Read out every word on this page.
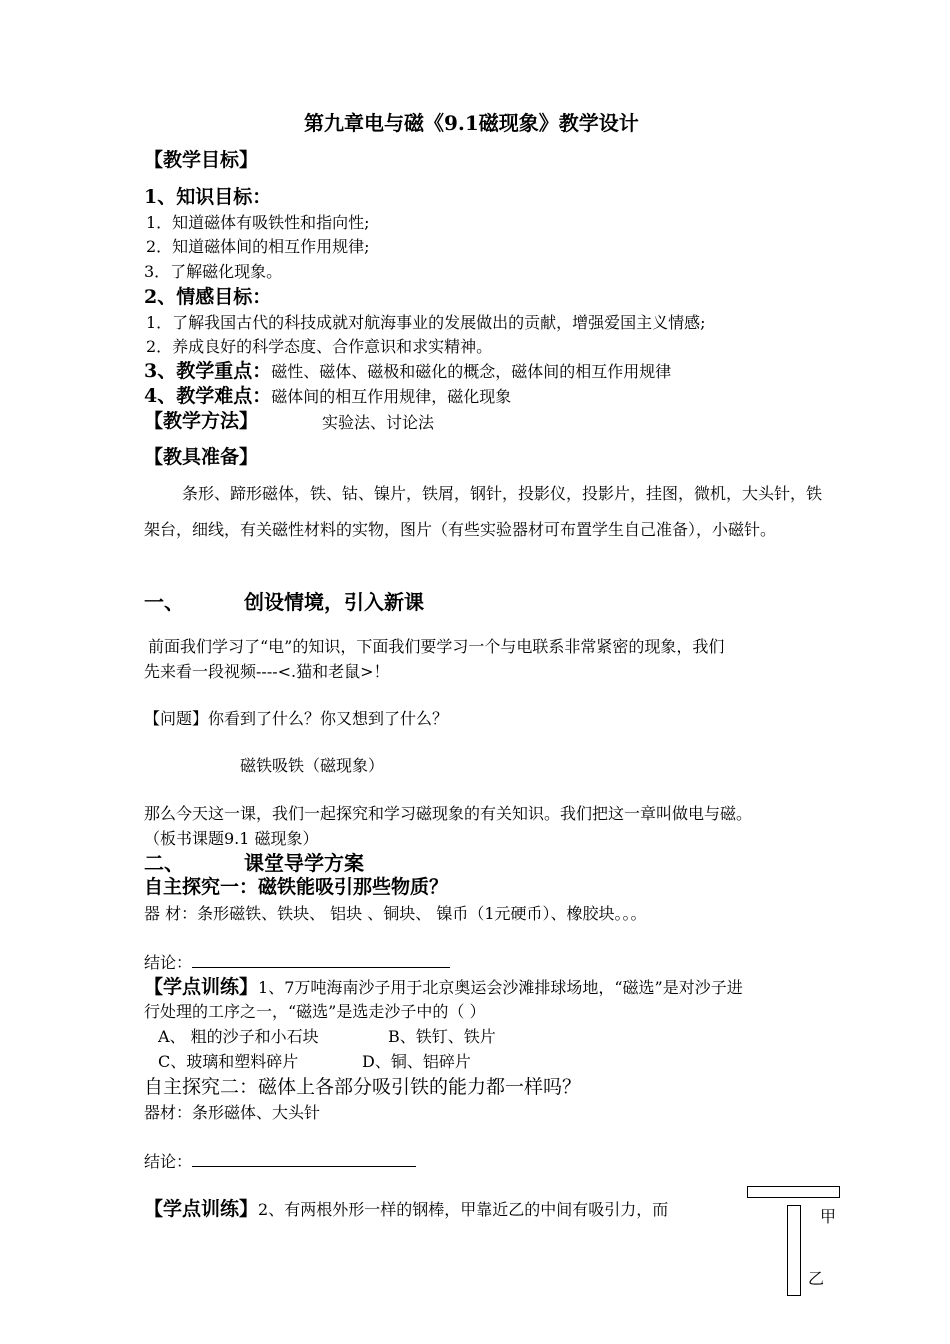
第九章电与磁《9.1磁现象》教学设计
【教学目标】
1、知识目标：
1．知道磁体有吸铁性和指向性;
2．知道磁体间的相互作用规律;
3．了解磁化现象。
2、情感目标：
1．了解我国古代的科技成就对航海事业的发展做出的贡献，增强爱国主义情感;
2．养成良好的科学态度、合作意识和求实精神。
3、教学重点：磁性、磁体、磁极和磁化的概念，磁体间的相互作用规律
4、教学难点：磁体间的相互作用规律，磁化现象
【教学方法】	实验法、讨论法
【教具准备】
条形、蹄形磁体，铁、钴、镍片，铁屑，钢针，投影仪，投影片，挂图，微机，大头针，铁
架台，细线，有关磁性材料的实物，图片（有些实验器材可布置学生自己准备），小磁针。
一、	创设情境，引入新课
前面我们学习了“电”的知识，下面我们要学习一个与电联系非常紧密的现象，我们
先来看一段视频----<.猫和老鼠>！
【问题】你看到了什么？你又想到了什么？
磁铁吸铁（磁现象）
那么今天这一课，我们一起探究和学习磁现象的有关知识。我们把这一章叫做电与磁。
（板书课题9.1 磁现象）
二、	课堂导学方案
自主探究一：磁铁能吸引那些物质？
器 材：条形磁铁、铁块、 铝块 、铜块、 镍币（1元硬币）、橡胶块。。。
结论：
【学点训练】1、7万吨海南沙子用于北京奥运会沙滩排球场地，“磁选”是对沙子进
行处理的工序之一，“磁选”是选走沙子中的（ ）
A、 粗的沙子和小石块	B、铁钉、铁片
C、玻璃和塑料碎片	D、铜、铝碎片
自主探究二：磁体上各部分吸引铁的能力都一样吗？
器材：条形磁体、大头针
结论：
【学点训练】2、有两根外形一样的钢棒，甲靠近乙的中间有吸引力，而	甲
乙
